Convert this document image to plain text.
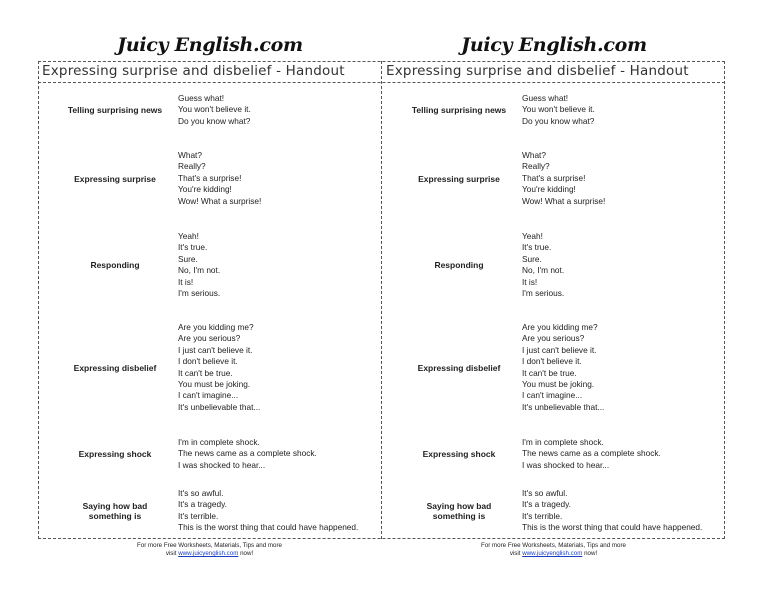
Juicy English.com	Juicy English.com
Expressing surprise and disbelief - Handout
Telling surprising news
Guess what!
You won't believe it.
Do you know what?
Expressing surprise
What?
Really?
That's a surprise!
You're kidding!
Wow! What a surprise!
Responding
Yeah!
It's true.
Sure.
No, I'm not.
It is!
I'm serious.
Expressing disbelief
Are you kidding me?
Are you serious?
I just can't believe it.
I don't believe it.
It can't be true.
You must be joking.
I can't imagine...
It's unbelievable that...
Expressing shock
I'm in complete shock.
The news came as a complete shock.
I was shocked to hear...
Saying how bad something is
It's so awful.
It's a tragedy.
It's terrible.
This is the worst thing that could have happened.
Expressing surprise and disbelief - Handout
Telling surprising news
Guess what!
You won't believe it.
Do you know what?
Expressing surprise
What?
Really?
That's a surprise!
You're kidding!
Wow! What a surprise!
Responding
Yeah!
It's true.
Sure.
No, I'm not.
It is!
I'm serious.
Expressing disbelief
Are you kidding me?
Are you serious?
I just can't believe it.
I don't believe it.
It can't be true.
You must be joking.
I can't imagine...
It's unbelievable that...
Expressing shock
I'm in complete shock.
The news came as a complete shock.
I was shocked to hear...
Saying how bad something is
It's so awful.
It's a tragedy.
It's terrible.
This is the worst thing that could have happened.
For more Free Worksheets, Materials, Tips and more
visit www.juicyenglish.com now!
For more Free Worksheets, Materials, Tips and more
visit www.juicyenglish.com now!
